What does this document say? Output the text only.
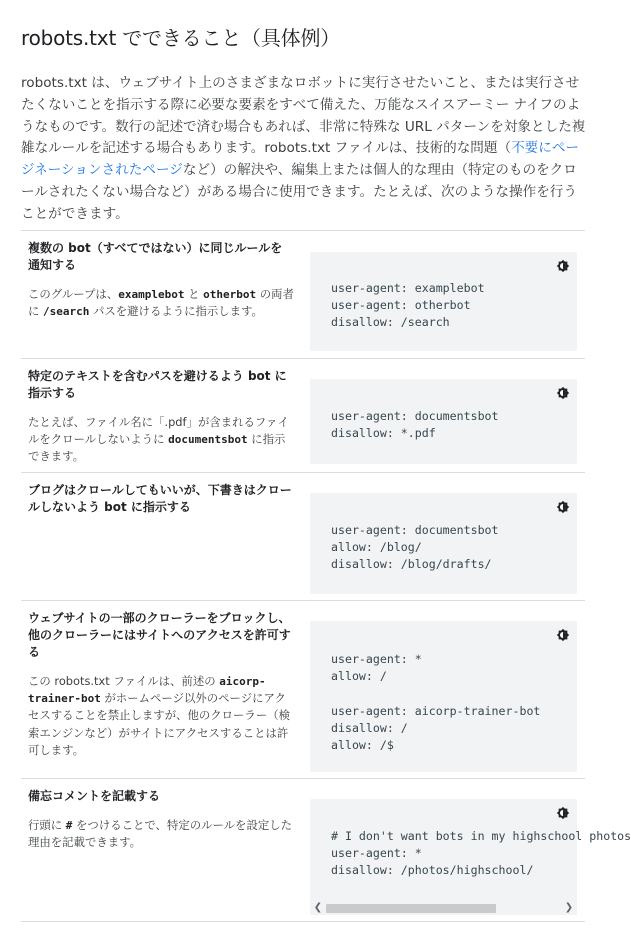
robots.txt でできること（具体例）

robots.txt は、ウェブサイト上のさまざまなロボットに実行させたいこと、または実行させたくないことを指示する際に必要な要素をすべて備えた、万能なスイスアーミー ナイフのようなものです。数行の記述で済む場合もあれば、非常に特殊な URL パターンを対象とした複雑なルールを記述する場合もあります。robots.txt ファイルは、技術的な問題（不要にページネーションされたページなど）の解決や、編集上または個人的な理由（特定のものをクロールされたくない場合など）がある場合に使用できます。たとえば、次のような操作を行うことができます。

複数の bot（すべてではない）に同じルールを通知する

このグループは、examplebot と otherbot の両者に /search パスを避けるように指示します。

user-agent: examplebot
user-agent: otherbot
disallow: /search

特定のテキストを含むパスを避けるよう bot に指示する

たとえば、ファイル名に「.pdf」が含まれるファイルをクロールしないように documentsbot に指示できます。

user-agent: documentsbot
disallow: *.pdf

ブログはクロールしてもいいが、下書きはクロールしないよう bot に指示する

user-agent: documentsbot
allow: /blog/
disallow: /blog/drafts/

ウェブサイトの一部のクローラーをブロックし、他のクローラーにはサイトへのアクセスを許可する

この robots.txt ファイルは、前述の aicorp-trainer-bot がホームページ以外のページにアクセスすることを禁止しますが、他のクローラー（検索エンジンなど）がサイトにアクセスすることは許可します。

user-agent: *
allow: /

user-agent: aicorp-trainer-bot
disallow: /
allow: /$

備忘コメントを記載する

行頭に # をつけることで、特定のルールを設定した理由を記載できます。	# I don't want bots in my highschool photos
user-agent: *
disallow: /photos/highschool/
❮	❯
